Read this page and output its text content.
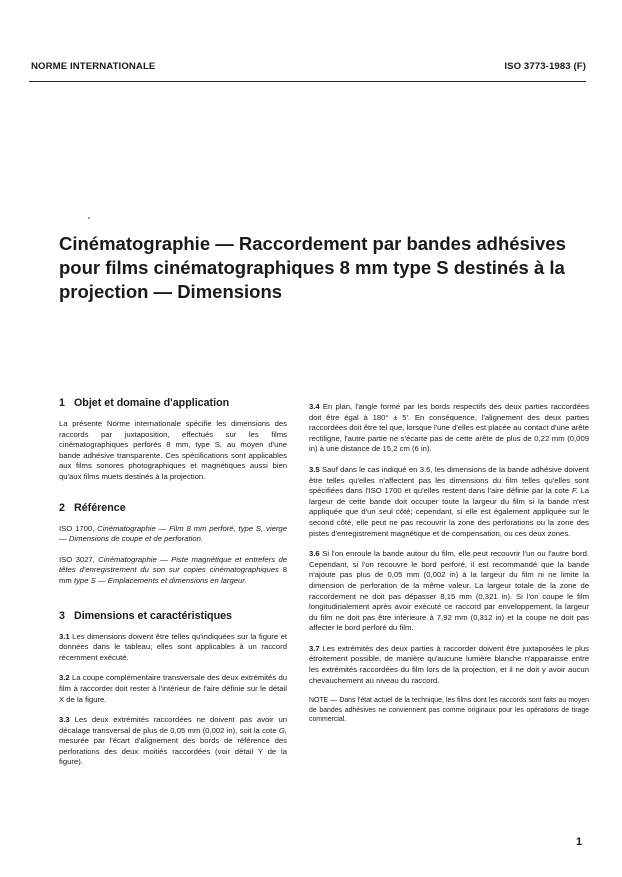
NORME INTERNATIONALE	ISO 3773-1983 (F)
Cinématographie — Raccordement par bandes adhésives pour films cinématographiques 8 mm type S destinés à la projection — Dimensions
1 Objet et domaine d'application

La présente Norme internationale spécifie les dimensions des raccords par juxtaposition, effectués sur les films cinématographiques perforés 8 mm, type S, au moyen d'une bande adhésive transparente. Ces spécifications sont applicables aux films sonores photographiques et magnétiques aussi bien qu'aux films muets destinés à la projection.

2 Référence

ISO 1700, Cinématographie — Film 8 mm perforé, type S, vierge — Dimensions de coupe et de perforation.

ISO 3027, Cinématographie — Piste magnétique et entrefers de têtes d'enregistrement du son sur copies cinématographiques 8 mm type S — Emplacements et dimensions en largeur.

3 Dimensions et caractéristiques

3.1 Les dimensions doivent être telles qu'indiquées sur la figure et données dans le tableau; elles sont applicables à un raccord récemment exécuté.

3.2 La coupe complémentaire transversale des deux extrémités du film à raccorder doit rester à l'intérieur de l'aire définie sur le détail X de la figure.

3.3 Les deux extrémités raccordées ne doivent pas avoir un décalage transversal de plus de 0,05 mm (0,002 in), soit la cote G, mesurée par l'écart d'alignement des bords de référence des perforations des deux moitiés raccordées (voir détail Y de la figure).

3.4 En plan, l'angle formé par les bords respectifs des deux parties raccordées doit être égal à 180° ± 5'. En conséquence, l'alignement des deux parties raccordées doit être tel que, lorsque l'une d'elles est placée au contact d'une arête rectiligne, l'autre partie ne s'écarte pas de cette arête de plus de 0,22 mm (0,009 in) à une distance de 15,2 cm (6 in).

3.5 Sauf dans le cas indiqué en 3.6, les dimensions de la bande adhésive doivent être telles qu'elles n'affectent pas les dimensions du film telles qu'elles sont spécifiées dans l'ISO 1700 et qu'elles restent dans l'aire définie par la cote F. La largeur de cette bande doit occuper toute la largeur du film si la bande n'est appliquée que d'un seul côté; cependant, si elle est également appliquée sur le second côté, elle peut ne pas recouvrir la zone des perforations ou la zone des pistes d'enregistrement magnétique et de compensation, ou ces deux zones.

3.6 Si l'on enroule la bande autour du film, elle peut recouvrir l'un ou l'autre bord. Cependant, si l'on recouvre le bord perforé, il est recommandé que la bande n'ajoute pas plus de 0,05 mm (0,002 in) à la largeur du film ni ne limite la dimension de perforation de la même valeur. La largeur totale de la zone de raccordement ne doit pas dépasser 8,15 mm (0,321 in). Si l'on coupe le film longitudinalement après avoir exécuté ce raccord par enveloppement, la largeur du film ne doit pas être inférieure à 7,92 mm (0,312 in) et la coupe ne doit pas affecter le bord perforé du film.

3.7 Les extrémités des deux parties à raccorder doivent être juxtaposées le plus étroitement possible, de manière qu'aucune lumière blanche n'apparaisse entre les extrémités raccordées du film lors de la projection, et il ne doit y avoir aucun chevauchement au niveau du raccord.

NOTE — Dans l'état actuel de la technique, les films dont les raccords sont faits au moyen de bandes adhésives ne conviennent pas comme originaux pour les opérations de tirage commercial.

1
